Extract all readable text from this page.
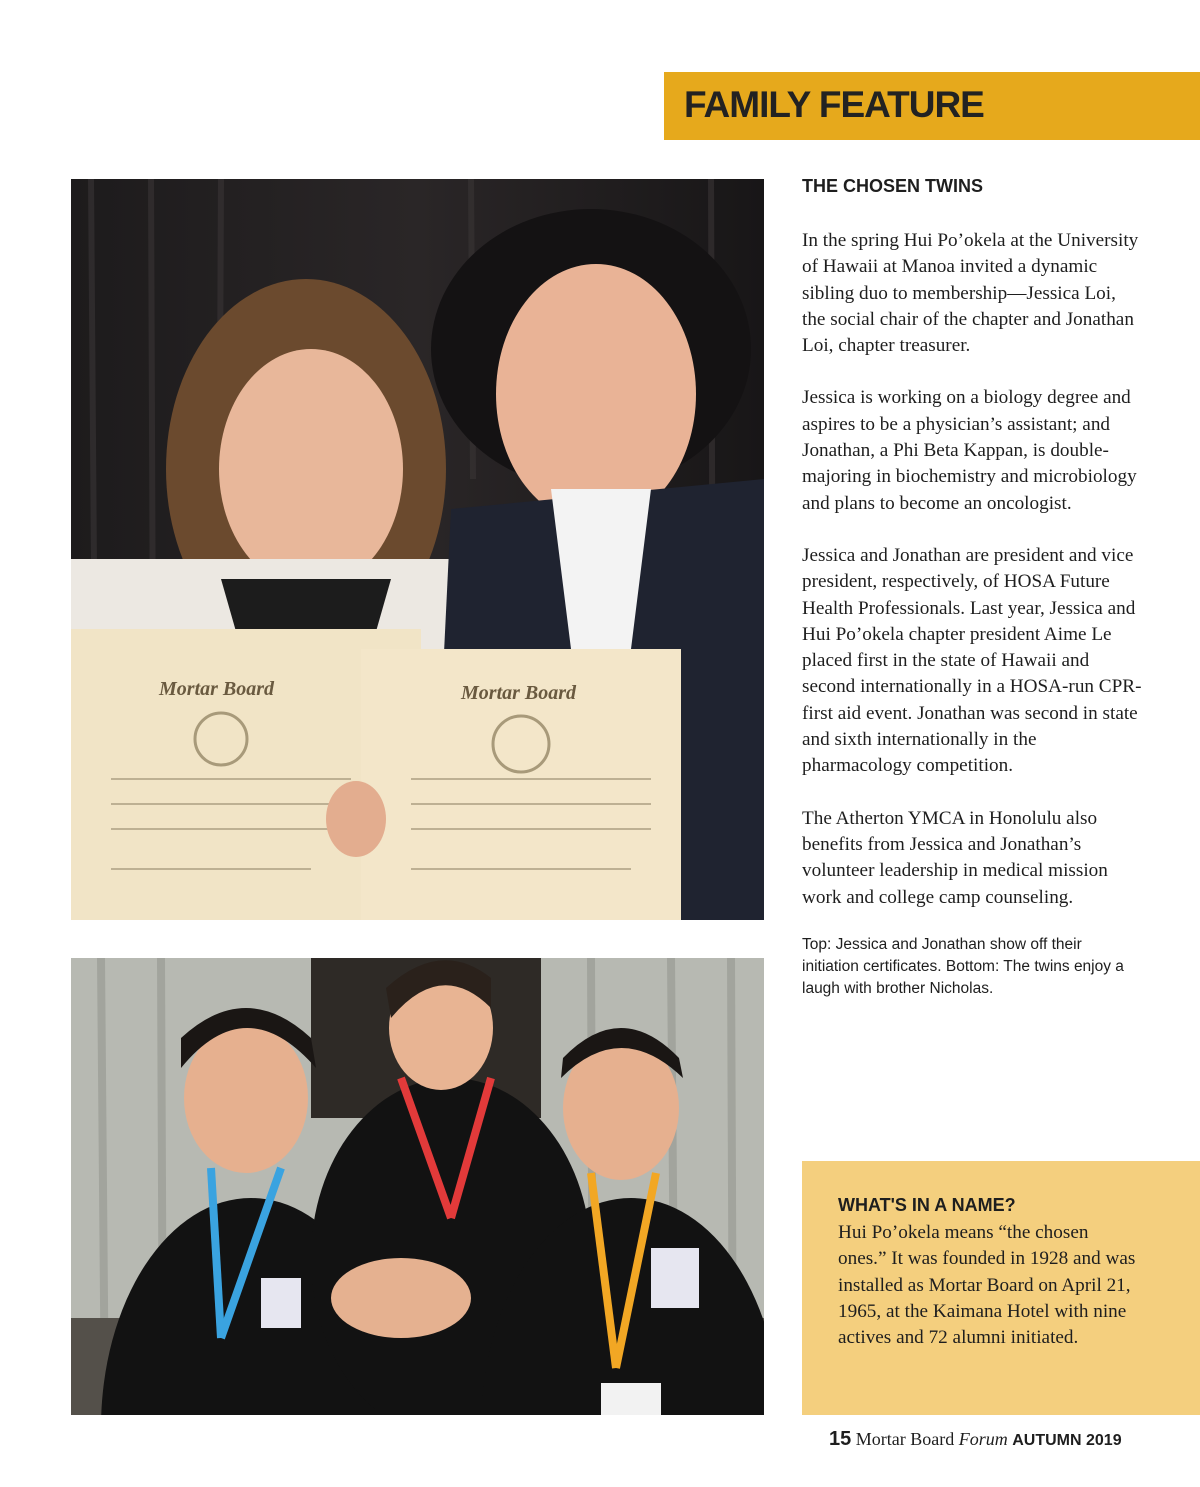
FAMILY FEATURE
Mortar Board	Mortar Board
THE CHOSEN TWINS

In the spring Hui Po’okela at the University of Hawaii at Manoa invited a dynamic sibling duo to membership—Jessica Loi, the social chair of the chapter and Jonathan Loi, chapter treasurer.

Jessica is working on a biology degree and aspires to be a physician’s assistant; and Jonathan, a Phi Beta Kappan, is double-majoring in biochemistry and microbiology and plans to become an oncologist.

Jessica and Jonathan are president and vice president, respectively, of HOSA Future Health Professionals. Last year, Jessica and Hui Po’okela chapter president Aime Le placed first in the state of Hawaii and second internationally in a HOSA-run CPR-first aid event. Jonathan was second in state and sixth internationally in the pharmacology competition.

The Atherton YMCA in Honolulu also benefits from Jessica and Jonathan’s volunteer leadership in medical mission work and college camp counseling.

Top: Jessica and Jonathan show off their initiation certificates. Bottom: The twins enjoy a laugh with brother Nicholas.
WHAT'S IN A NAME?
Hui Po’okela means “the chosen ones.” It was founded in 1928 and was installed as Mortar Board on April 21, 1965, at the Kaimana Hotel with nine actives and 72 alumni initiated.
15 Mortar Board Forum AUTUMN 2019
